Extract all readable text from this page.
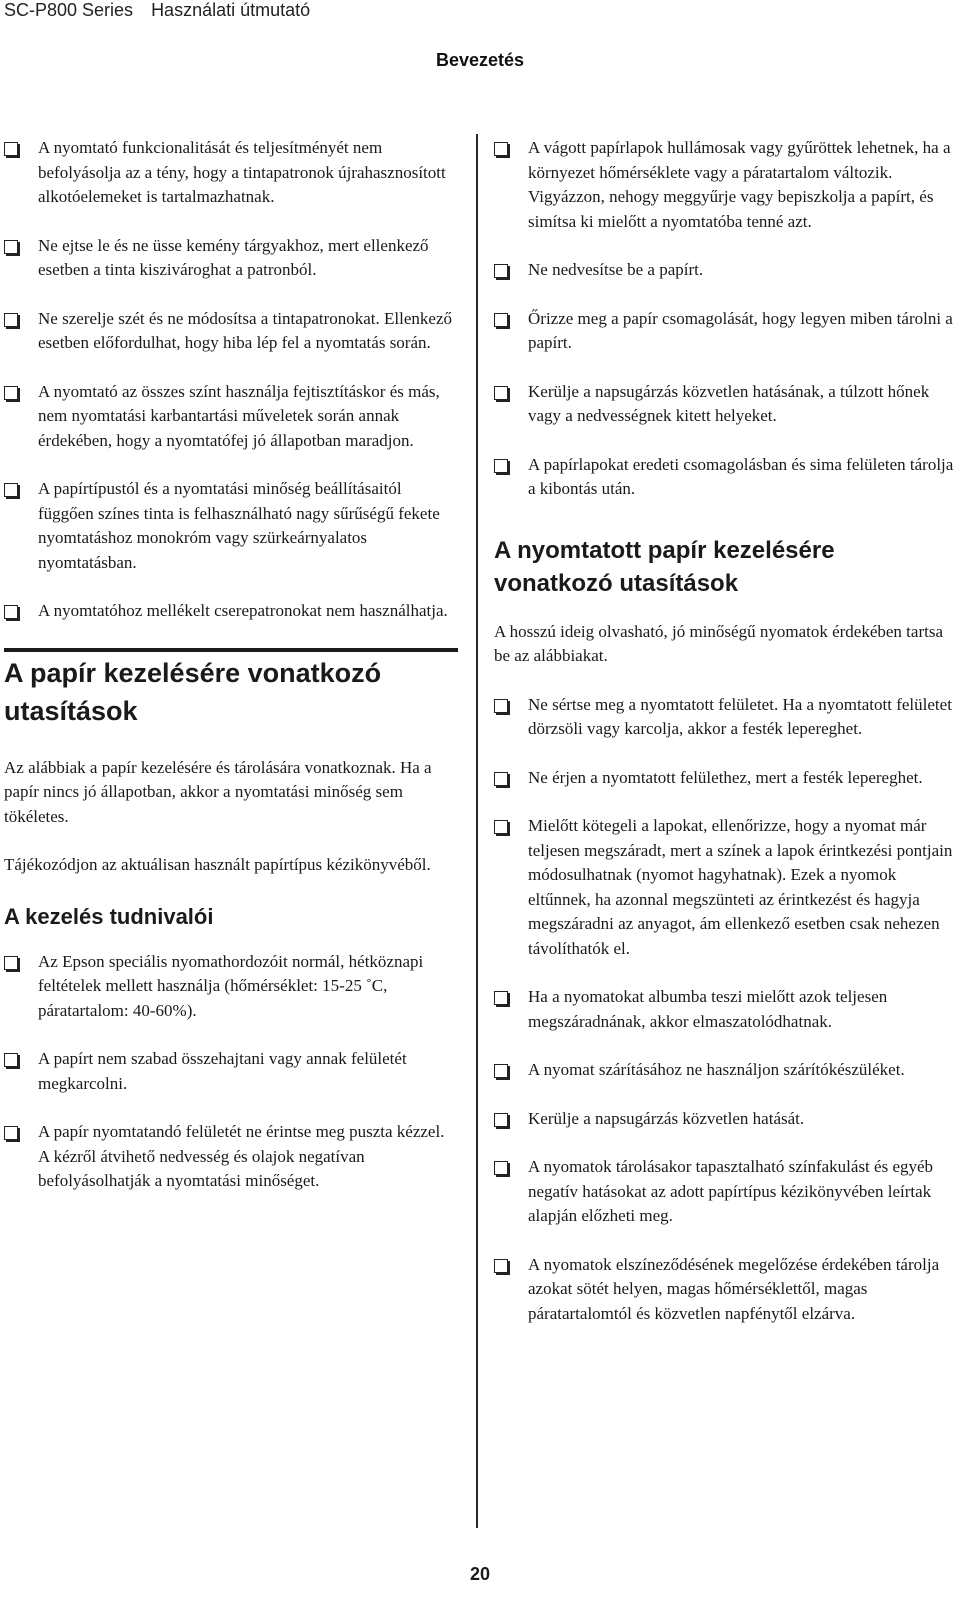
SC-P800 Series Használati útmutató
Bevezetés
A nyomtató funkcionalitását és teljesítményét nem befolyásolja az a tény, hogy a tintapatronok újrahasznosított alkotóelemeket is tartalmazhatnak.
Ne ejtse le és ne üsse kemény tárgyakhoz, mert ellenkező esetben a tinta kiszivároghat a patronból.
Ne szerelje szét és ne módosítsa a tintapatronokat. Ellenkező esetben előfordulhat, hogy hiba lép fel a nyomtatás során.
A nyomtató az összes színt használja fejtisztításkor és más, nem nyomtatási karbantartási műveletek során annak érdekében, hogy a nyomtatófej jó állapotban maradjon.
A papírtípustól és a nyomtatási minőség beállításaitól függően színes tinta is felhasználható nagy sűrűségű fekete nyomtatáshoz monokróm vagy szürkeárnyalatos nyomtatásban.
A nyomtatóhoz mellékelt cserepatronokat nem használhatja.
A papír kezelésére vonatkozó utasítások

Az alábbiak a papír kezelésére és tárolására vonatkoznak. Ha a papír nincs jó állapotban, akkor a nyomtatási minőség sem tökéletes.

Tájékozódjon az aktuálisan használt papírtípus kézikönyvéből.

A kezelés tudnivalói
Az Epson speciális nyomathordozóit normál, hétköznapi feltételek mellett használja (hőmérséklet: 15-25 ˚C, páratartalom: 40-60%).
A papírt nem szabad összehajtani vagy annak felületét megkarcolni.
A papír nyomtatandó felületét ne érintse meg puszta kézzel. A kézről átvihető nedvesség és olajok negatívan befolyásolhatják a nyomtatási minőséget.
A vágott papírlapok hullámosak vagy gyűröttek lehetnek, ha a környezet hőmérséklete vagy a páratartalom változik. Vigyázzon, nehogy meggyűrje vagy bepiszkolja a papírt, és simítsa ki mielőtt a nyomtatóba tenné azt.
Ne nedvesítse be a papírt.
Őrizze meg a papír csomagolását, hogy legyen miben tárolni a papírt.
Kerülje a napsugárzás közvetlen hatásának, a túlzott hőnek vagy a nedvességnek kitett helyeket.
A papírlapokat eredeti csomagolásban és sima felületen tárolja a kibontás után.
A nyomtatott papír kezelésére vonatkozó utasítások

A hosszú ideig olvasható, jó minőségű nyomatok érdekében tartsa be az alábbiakat.

Ne sértse meg a nyomtatott felületet. Ha a nyomtatott felületet dörzsöli vagy karcolja, akkor a festék lepereghet.
Ne érjen a nyomtatott felülethez, mert a festék lepereghet.
Mielőtt kötegeli a lapokat, ellenőrizze, hogy a nyomat már teljesen megszáradt, mert a színek a lapok érintkezési pontjain módosulhatnak (nyomot hagyhatnak). Ezek a nyomok eltűnnek, ha azonnal megszünteti az érintkezést és hagyja megszáradni az anyagot, ám ellenkező esetben csak nehezen távolíthatók el.
Ha a nyomatokat albumba teszi mielőtt azok teljesen megszáradnának, akkor elmaszatolódhatnak.
A nyomat szárításához ne használjon szárítókészüléket.
Kerülje a napsugárzás közvetlen hatását.
A nyomatok tárolásakor tapasztalható színfakulást és egyéb negatív hatásokat az adott papírtípus kézikönyvében leírtak alapján előzheti meg.
A nyomatok elszíneződésének megelőzése érdekében tárolja azokat sötét helyen, magas hőmérséklettől, magas páratartalomtól és közvetlen napfénytől elzárva.
20
